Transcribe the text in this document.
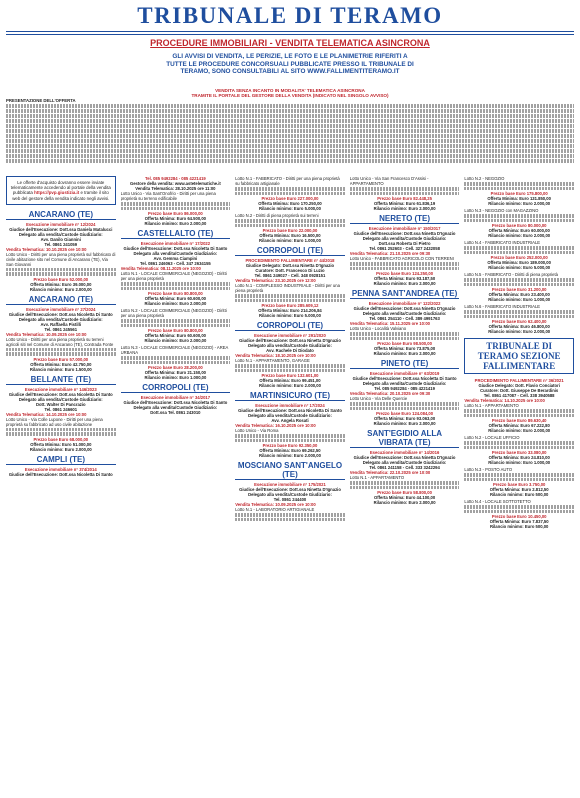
TRIBUNALE DI TERAMO
PROCEDURE IMMOBILIARI - VENDITA TELEMATICA ASINCRONA
GLI AVVISI DI VENDITA, LE PERIZIE, LE FOTO E LE PLANIMETRIE RIFERITI A
TUTTE LE PROCEDURE CONCORSUALI PUBBLICATE PRESSO IL TRIBUNALE DI
TERAMO, SONO CONSULTABILI AL SITO WWW.FALLIMENTITERAMO.IT
VENDITA SENZA INCANTO IN MODALITA' TELEMATICA ASINCRONA
TRAMITE IL PORTALE DEL GESTORE DELLA VENDITA (INDICATO NEL SINGOLO AVVISO)
PRESENTAZIONE DELL'OFFERTA
Le offerte d'acquisto dovranno essere inviate telematicamente accedendo al portale della vendita pubblicata https://pvp.giustizia.it e tramite il sito web del gestore della vendita indicato negli avvisi.
ANCARANO (TE)
Esecuzione immobiliare n° 12/2024
Giudice dell'Esecuzione: Dott.ssa Daniela Matalucci
Delegato alla vendita/Custode Giudiziario:
Avv. Danilo Giannini
Tel. 0861 241059
Vendita Telematica: 10.10.2025 ore 10:00
Lotto Unico - Diritti per una piena proprietà sul fabbricato di civile abitazione sito nel Comune di Ancarano (TE), Via San Giovanni
Prezzo base Euro 52.000,00
Offerta Minima: Euro 39.000,00
Rilancio minimo: Euro 2.000,00
ANCARANO (TE)
Esecuzione immobiliare n° 27/2024
Giudice dell'Esecuzione: Dott.ssa Nicoletta Di Santo
Delegato alla vendita/Custode Giudiziario:
Avv. Raffaella Pistilli
Tel. 0861 245561
Vendita Telematica: 10.09.2025 ore 10:00
Lotto Unico - Diritti per una piena proprietà su terreni agricoli siti nel Comune di Ancarano (TE), Contrada Fonte
Prezzo base Euro 57.000,00
Offerta Minima: Euro 42.750,00
Rilancio minimo: Euro 1.500,00
BELLANTE (TE)
Esecuzione immobiliare n° 146/2023
Giudice dell'Esecuzione: Dott.ssa Nicoletta Di Santo
Delegato alla vendita/Custode Giudiziario:
Dott. Walter Di Pancrazio
Tel. 0861 246601
Vendita Telematica: 14.10.2025 ore 10:00
Lotto Unico - Via Colle Lupone - Diritti per una piena proprietà su fabbricato ad uso civile abitazione
Prezzo base Euro 68.000,00
Offerta Minima: Euro 51.000,00
Rilancio minimo: Euro 2.000,00
CAMPLI (TE)
Esecuzione immobiliare n° 374/2014
Giudice dell'Esecuzione: Dott.ssa Nicoletta Di Santo
Tel. 085 9492284 - 085 4221419
Gestore della vendita: www.astetelematiche.it
Vendita Telematica: 28.10.2025 ore 11:00
Lotto Unico - Via Sant'Onofrio - Diritti per una piena proprietà su terreno edificabile
Prezzo base Euro 86.000,00
Offerta Minima: Euro 64.500,00
Rilancio minimo: Euro 2.000,00
CASTELLALTO (TE)
Esecuzione immobiliare n° 17/2022
Giudice dell'Esecuzione: Dott.ssa Nicoletta Di Santo
Delegato alla vendita/Custode Giudiziario:
Avv. Gemma Ciampini
Tel. 0861 246063 - Cell. 347 2634155
Vendita Telematica: 08.11.2025 ore 10:00
Lotto N.1 - LOCALE COMMERCIALE (NEGOZIO) - Diritti per una piena proprietà
Prezzo base Euro 80.800,00
Offerta Minima: Euro 60.600,00
Rilancio minimo: Euro 2.000,00
Lotto N.2 - LOCALE COMMERCIALE (NEGOZIO) - Diritti per una piena proprietà
Prezzo base Euro 80.800,00
Offerta Minima: Euro 60.600,00
Rilancio minimo: Euro 2.000,00
Lotto N.3 - LOCALE COMMERCIALE (NEGOZIO) - AREA URBANA
Prezzo base Euro 28.200,00
Offerta Minima: Euro 21.150,00
Rilancio minimo: Euro 1.000,00
CORROPOLI (TE)
Esecuzione immobiliare n° 34/2017
Giudice dell'Esecuzione: Dott.ssa Nicoletta Di Santo
Delegato alla vendita/Custode Giudiziario:
Dott.ssa Tel. 0861 243010
Lotto N.1 - FABBRICATO - Diritti per una piena proprietà su fabbricato artigianale
Prezzo base Euro 227.000,00
Offerta Minima: Euro 170.250,00
Rilancio minimo: Euro 5.000,00
Lotto N.2 - Diritti di piena proprietà sui terreni
Prezzo base Euro 22.000,00
Offerta Minima: Euro 16.500,00
Rilancio minimo: Euro 1.000,00
CORROPOLI (TE)
PROCEDIMENTO FALLIMENTARE n° 44/2018
Giudice Delegato: Dott.ssa Ninetta D'Ignazio
Curatore: Dott. Francesco Di Luzio
Tel. 0861 249027 - Cell. 348 0928151
Vendita Telematica: 23.10.2025 ore 12:00
Lotto N.1 - COMPLESSO INDUSTRIALE - Diritti per una piena proprietà
Prezzo base Euro 285.609,12
Offerta Minima: Euro 214.206,84
Rilancio minimo: Euro 5.000,00
CORROPOLI (TE)
Esecuzione immobiliare n° 291/2020
Giudice dell'Esecuzione: Dott.ssa Ninetta D'Ignazio
Delegato alla vendita/Custode Giudiziario:
Avv. Rachele Di Diodato
Vendita Telematica: 18.10.2025 ore 10:00
Lotto N.1 - APPARTAMENTO, GARAGE
Prezzo base Euro 132.601,00
Offerta Minima: Euro 99.451,00
Rilancio minimo: Euro 2.000,00
MARTINSICURO (TE)
Esecuzione immobiliare n° 17/2024
Giudice dell'Esecuzione: Dott.ssa Nicoletta Di Santo
Delegato alla vendita/Custode Giudiziario:
Avv. Angela Rosati
Vendita Telematica: 16.10.2025 ore 10:00
Lotto Unico - Via Roma
Prezzo base Euro 92.350,00
Offerta Minima: Euro 69.262,50
Rilancio minimo: Euro 2.000,00
MOSCIANO SANT'ANGELO (TE)
Esecuzione immobiliare n° 175/2021
Giudice dell'Esecuzione: Dott.ssa Ninetta D'Ignazio
Delegato alla vendita/Custode Giudiziario:
Tel. 0861 244400
Vendita Telematica: 10.09.2025 ore 10:00
Lotto N.1 - LABORATORIO ARTIGIANALE
Lotto Unico - Via San Francesco D'Assisi - APPARTAMENTO
Prezzo base Euro 82.448,25
Offerta Minima: Euro 61.836,19
Rilancio minimo: Euro 2.000,00
NERETO (TE)
Esecuzione immobiliare n° 150/2017
Giudice dell'Esecuzione: Dott.ssa Ninetta D'Ignazio
Delegato alla vendita/Custode Giudiziario:
Dott.ssa Roberta Di Pietro
Tel. 0861 252603 - Cell. 327 2432058
Vendita Telematica: 21.10.2025 ore 09:30
Lotto Unico - FABBRICATO AGRICOLO CON TERRENI
Prezzo base Euro 124.250,00
Offerta Minima: Euro 93.187,50
Rilancio minimo: Euro 2.000,00
PENNA SANT'ANDREA (TE)
Esecuzione immobiliare n° 122/2022
Giudice dell'Esecuzione: Dott.ssa Ninetta D'Ignazio
Delegato alla vendita/Custode Giudiziario:
Tel. 0861 254110 - Cell. 389 4991763
Vendita Telematica: 15.11.2025 ore 10:00
Lotto Unico - Località Valviano
Prezzo base Euro 98.500,00
Offerta Minima: Euro 73.875,00
Rilancio minimo: Euro 2.000,00
PINETO (TE)
Esecuzione immobiliare n° 63/2019
Giudice dell'Esecuzione: Dott.ssa Nicoletta Di Santo
Delegato alla vendita/Custode Giudiziario:
Tel. 085 9492284 - 085 4221419
Vendita Telematica: 20.10.2025 ore 09:30
Lotto Unico - Via Delle Quercie
Prezzo base Euro 124.084,00
Offerta Minima: Euro 93.063,00
Rilancio minimo: Euro 2.000,00
SANT'EGIDIO ALLA VIBRATA (TE)
Esecuzione immobiliare n° 14/2016
Giudice dell'Esecuzione: Dott.ssa Ninetta D'Ignazio
Delegato alla vendita/Custode Giudiziario:
Tel. 0861 241158 - Cell. 333 3242294
Vendita Telematica: 22.10.2025 ore 10:00
Lotto N.1 - APPARTAMENTO
Prezzo base Euro 58.800,00
Offerta Minima: Euro 44.100,00
Rilancio minimo: Euro 2.000,00
Lotto N.2 - NEGOZIO
Prezzo base Euro 175.800,00
Offerta Minima: Euro 131.850,00
Rilancio minimo: Euro 2.000,00
Lotto N.3 - NEGOZIO con MAGAZZINO
Prezzo base Euro 80.000,00
Offerta Minima: Euro 60.000,00
Rilancio minimo: Euro 2.000,00
Lotto N.4 - FABBRICATO INDUSTRIALE
Prezzo base Euro 252.000,00
Offerta Minima: Euro 189.000,00
Rilancio minimo: Euro 5.000,00
Lotto N.5 - FABBRICATO - Diritti di piena proprietà
Prezzo base Euro 31.200,00
Offerta Minima: Euro 23.400,00
Rilancio minimo: Euro 1.000,00
Lotto N.6 - FABBRICATO INDUSTRIALE
Prezzo base Euro 62.400,00
Offerta Minima: Euro 46.800,00
Rilancio minimo: Euro 2.000,00
TRIBUNALE DI TERAMO SEZIONE FALLIMENTARE
PROCEDIMENTO FALLIMENTARE n° 36/2021
Giudice Delegato: Dott. Flavio Conciatori
Curatore: Dott. Giuseppe De Berardinis
Tel. 0861 417087 - Cell. 338 3940588
Vendita Telematica: 14.10.2025 ore 10:00
Lotto N.1 - APPARTAMENTO
Prezzo base Euro 89.630,40
Offerta Minima: Euro 67.222,80
Rilancio minimo: Euro 2.000,00
Lotto N.2 - LOCALE UFFICIO
Prezzo base Euro 33.080,00
Offerta Minima: Euro 24.810,00
Rilancio minimo: Euro 1.000,00
Lotto N.3 - POSTO AUTO
Prezzo base Euro 3.750,00
Offerta Minima: Euro 2.812,50
Rilancio minimo: Euro 500,00
Lotto N.4 - LOCALE SOTTOTETTO
Prezzo base Euro 10.450,00
Offerta Minima: Euro 7.837,50
Rilancio minimo: Euro 500,00
